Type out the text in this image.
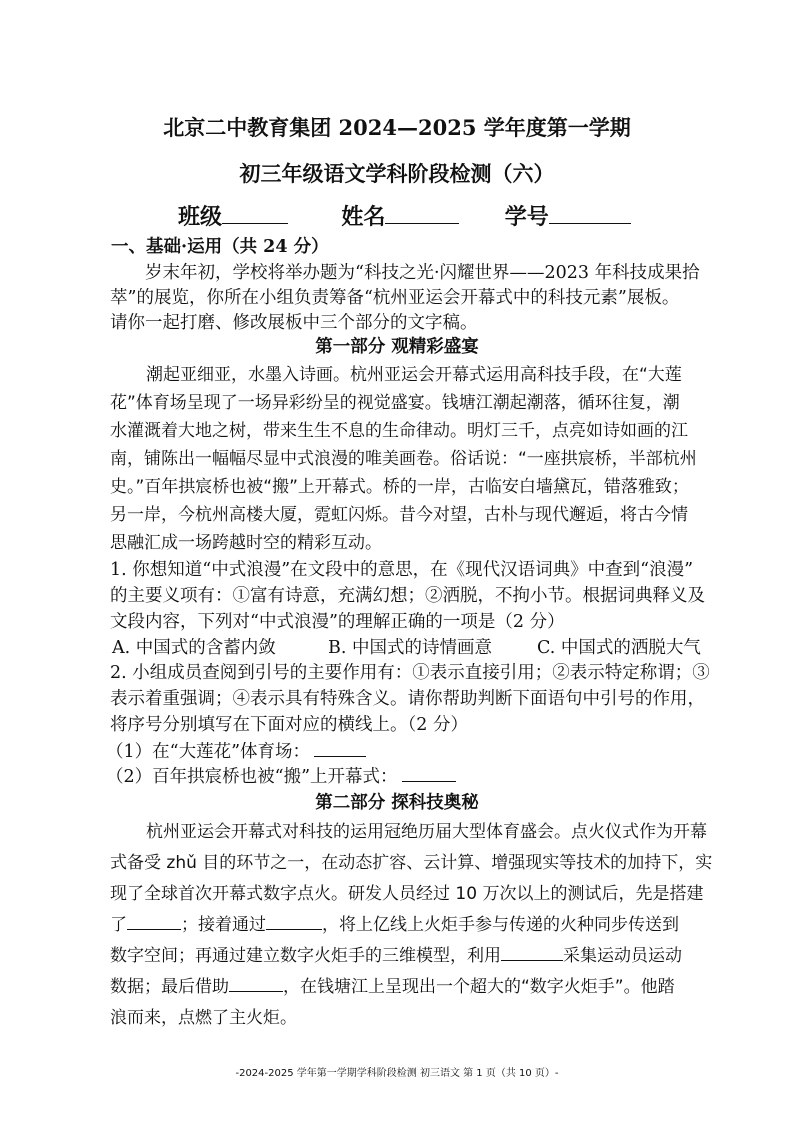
北京二中教育集团 2024—2025 学年度第一学期
初三年级语文学科阶段检测（六）
班级	姓名	学号
一、基础·运用（共 24 分）
岁末年初，学校将举办题为“科技之光·闪耀世界——2023 年科技成果拾
萃”的展览，你所在小组负责筹备“杭州亚运会开幕式中的科技元素”展板。
请你一起打磨、修改展板中三个部分的文字稿。
第一部分 观精彩盛宴
潮起亚细亚，水墨入诗画。杭州亚运会开幕式运用高科技手段，在“大莲
花”体育场呈现了一场异彩纷呈的视觉盛宴。钱塘江潮起潮落，循环往复，潮
水灌溉着大地之树，带来生生不息的生命律动。明灯三千，点亮如诗如画的江
南，铺陈出一幅幅尽显中式浪漫的唯美画卷。俗话说：“一座拱宸桥，半部杭州
史。”百年拱宸桥也被“搬”上开幕式。桥的一岸，古临安白墙黛瓦，错落雅致；
另一岸，今杭州高楼大厦，霓虹闪烁。昔今对望，古朴与现代邂逅，将古今情
思融汇成一场跨越时空的精彩互动。
1. 你想知道“中式浪漫”在文段中的意思，在《现代汉语词典》中查到“浪漫”
的主要义项有：①富有诗意，充满幻想；②洒脱，不拘小节。根据词典释义及
文段内容，下列对“中式浪漫”的理解正确的一项是（2 分）
A. 中国式的含蓄内敛	B. 中国式的诗情画意	C. 中国式的洒脱大气
2. 小组成员查阅到引号的主要作用有：①表示直接引用；②表示特定称谓；③
表示着重强调；④表示具有特殊含义。请你帮助判断下面语句中引号的作用，
将序号分别填写在下面对应的横线上。（2 分）
（1）在“大莲花”体育场：
（2）百年拱宸桥也被“搬”上开幕式：
第二部分 探科技奥秘
杭州亚运会开幕式对科技的运用冠绝历届大型体育盛会。点火仪式作为开幕
式备受 zhǔ 目的环节之一，在动态扩容、云计算、增强现实等技术的加持下，实
现了全球首次开幕式数字点火。研发人员经过 10 万次以上的测试后，先是搭建
了	；接着通过	，将上亿线上火炬手参与传递的火种同步传送到
数字空间；再通过建立数字火炬手的三维模型，利用	采集运动员运动
数据；最后借助	，在钱塘江上呈现出一个超大的“数字火炬手”。他踏
浪而来，点燃了主火炬。
-2024-2025 学年第一学期学科阶段检测 初三语文 第 1 页（共 10 页）-
